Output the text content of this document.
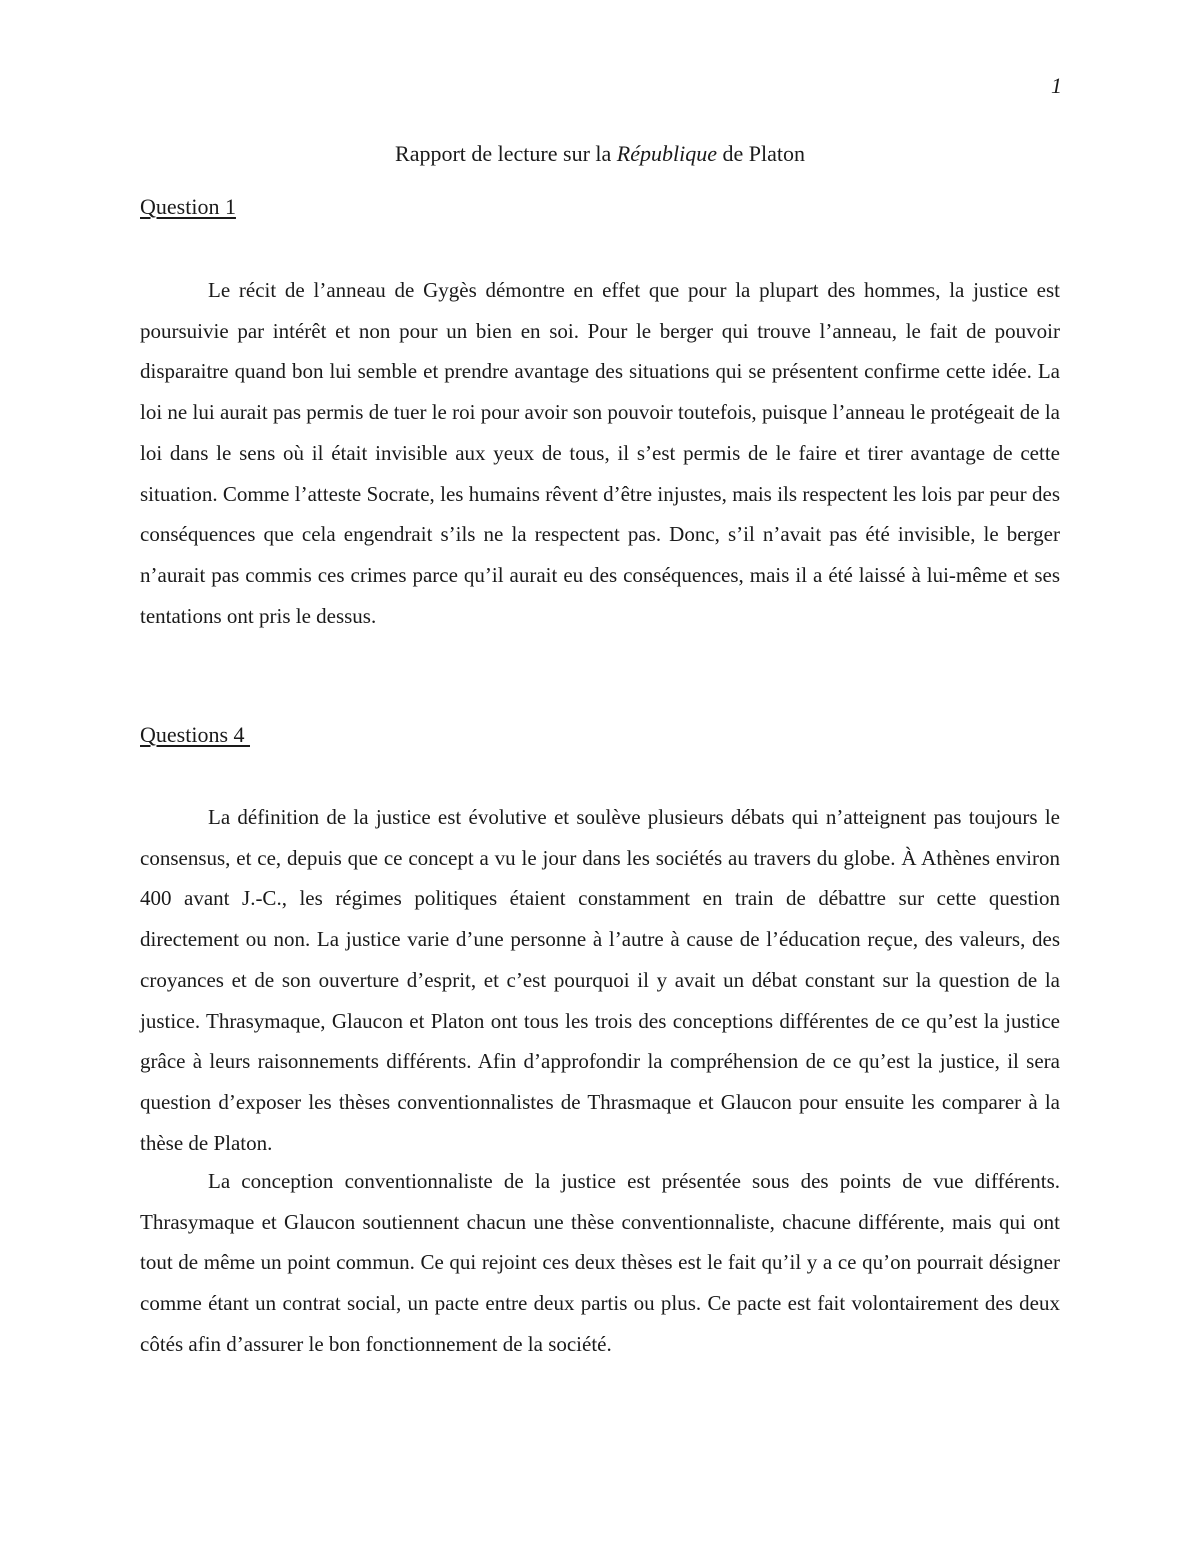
1
Rapport de lecture sur la République de Platon
Question 1

Le récit de l’anneau de Gygès démontre en effet que pour la plupart des hommes, la justice est poursuivie par intérêt et non pour un bien en soi. Pour le berger qui trouve l’anneau, le fait de pouvoir disparaitre quand bon lui semble et prendre avantage des situations qui se présentent confirme cette idée. La loi ne lui aurait pas permis de tuer le roi pour avoir son pouvoir toutefois, puisque l’anneau le protégeait de la loi dans le sens où il était invisible aux yeux de tous, il s’est permis de le faire et tirer avantage de cette situation. Comme l’atteste Socrate, les humains rêvent d’être injustes, mais ils respectent les lois par peur des conséquences que cela engendrait s’ils ne la respectent pas. Donc, s’il n’avait pas été invisible, le berger n’aurait pas commis ces crimes parce qu’il aurait eu des conséquences, mais il a été laissé à lui-même et ses tentations ont pris le dessus.

Questions 4

La définition de la justice est évolutive et soulève plusieurs débats qui n’atteignent pas toujours le consensus, et ce, depuis que ce concept a vu le jour dans les sociétés au travers du globe. À Athènes environ 400 avant J.-C., les régimes politiques étaient constamment en train de débattre sur cette question directement ou non. La justice varie d’une personne à l’autre à cause de l’éducation reçue, des valeurs, des croyances et de son ouverture d’esprit, et c’est pourquoi il y avait un débat constant sur la question de la justice. Thrasymaque, Glaucon et Platon ont tous les trois des conceptions différentes de ce qu’est la justice grâce à leurs raisonnements différents. Afin d’approfondir la compréhension de ce qu’est la justice, il sera question d’exposer les thèses conventionnalistes de Thrasmaque et Glaucon pour ensuite les comparer à la thèse de Platon.

La conception conventionnaliste de la justice est présentée sous des points de vue différents. Thrasymaque et Glaucon soutiennent chacun une thèse conventionnaliste, chacune différente, mais qui ont tout de même un point commun. Ce qui rejoint ces deux thèses est le fait qu’il y a ce qu’on pourrait désigner comme étant un contrat social, un pacte entre deux partis ou plus. Ce pacte est fait volontairement des deux côtés afin d’assurer le bon fonctionnement de la société.
